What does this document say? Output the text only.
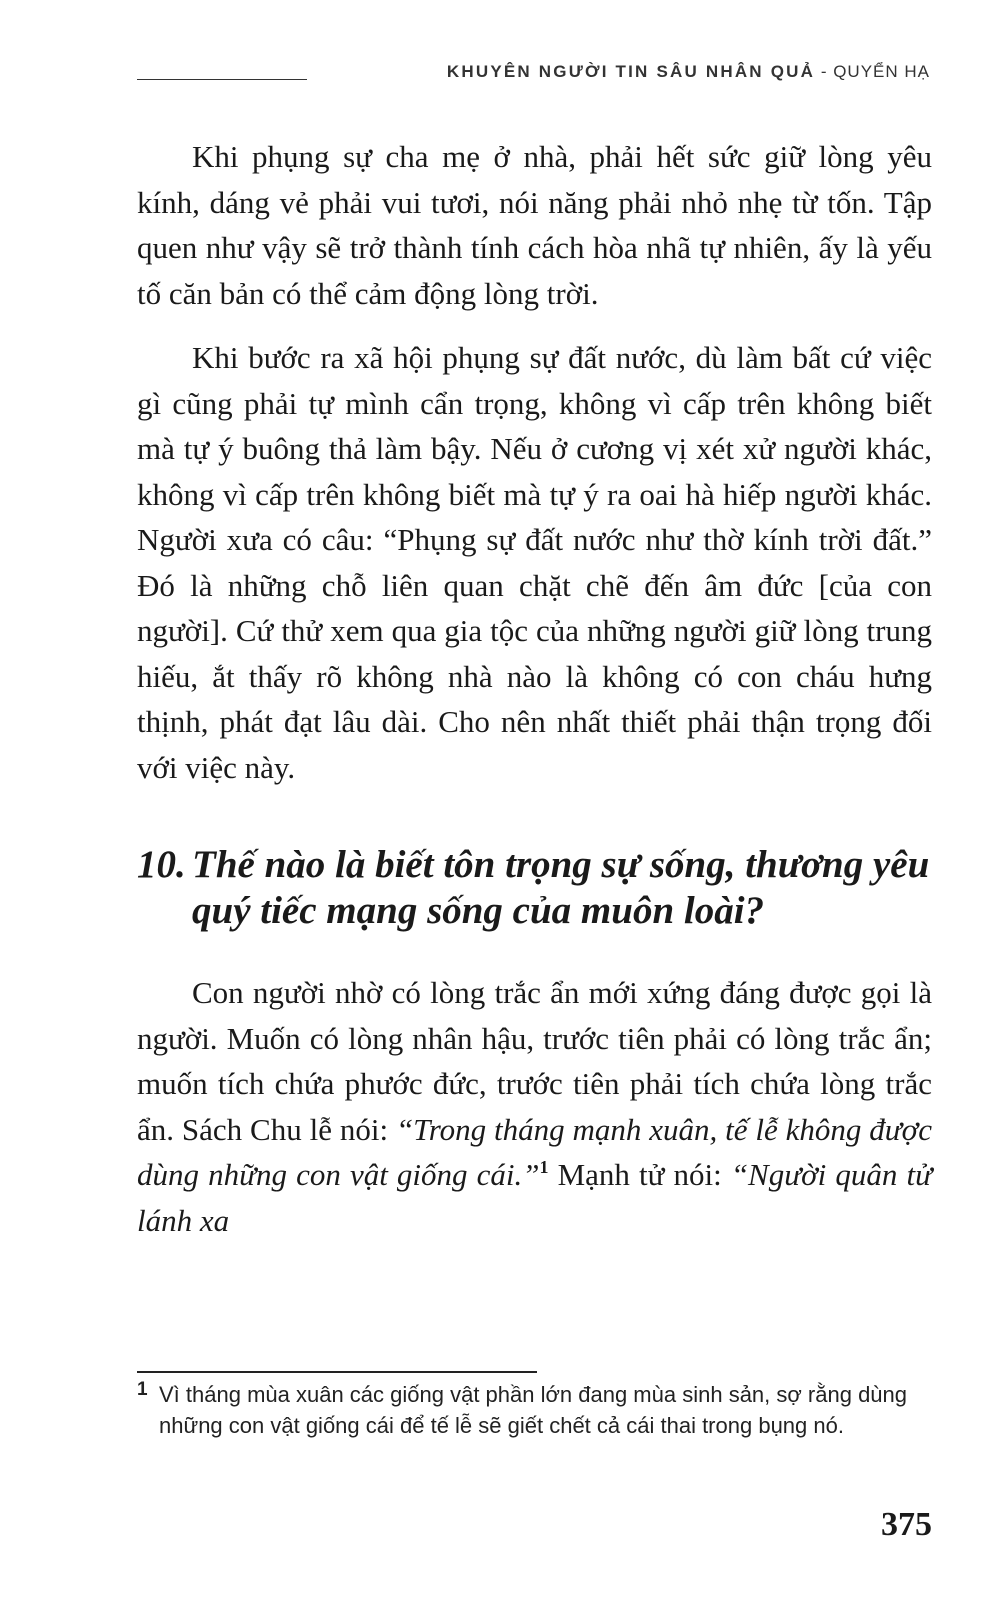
KHUYÊN NGƯỜI TIN SÂU NHÂN QUẢ - QUYỂN HẠ

Khi phụng sự cha mẹ ở nhà, phải hết sức giữ lòng yêu kính, dáng vẻ phải vui tươi, nói năng phải nhỏ nhẹ từ tốn. Tập quen như vậy sẽ trở thành tính cách hòa nhã tự nhiên, ấy là yếu tố căn bản có thể cảm động lòng trời.

Khi bước ra xã hội phụng sự đất nước, dù làm bất cứ việc gì cũng phải tự mình cẩn trọng, không vì cấp trên không biết mà tự ý buông thả làm bậy. Nếu ở cương vị xét xử người khác, không vì cấp trên không biết mà tự ý ra oai hà hiếp người khác. Người xưa có câu: “Phụng sự đất nước như thờ kính trời đất.” Đó là những chỗ liên quan chặt chẽ đến âm đức [của con người]. Cứ thử xem qua gia tộc của những người giữ lòng trung hiếu, ắt thấy rõ không nhà nào là không có con cháu hưng thịnh, phát đạt lâu dài. Cho nên nhất thiết phải thận trọng đối với việc này.

10. Thế nào là biết tôn trọng sự sống, thương yêu quý tiếc mạng sống của muôn loài?

Con người nhờ có lòng trắc ẩn mới xứng đáng được gọi là người. Muốn có lòng nhân hậu, trước tiên phải có lòng trắc ẩn; muốn tích chứa phước đức, trước tiên phải tích chứa lòng trắc ẩn. Sách Chu lễ nói: “Trong tháng mạnh xuân, tế lễ không được dùng những con vật giống cái.”$^1$ Mạnh tử nói: “Người quân tử lánh xa

1 Vì tháng mùa xuân các giống vật phần lớn đang mùa sinh sản, sợ rằng dùng những con vật giống cái để tế lễ sẽ giết chết cả cái thai trong bụng nó.
375
